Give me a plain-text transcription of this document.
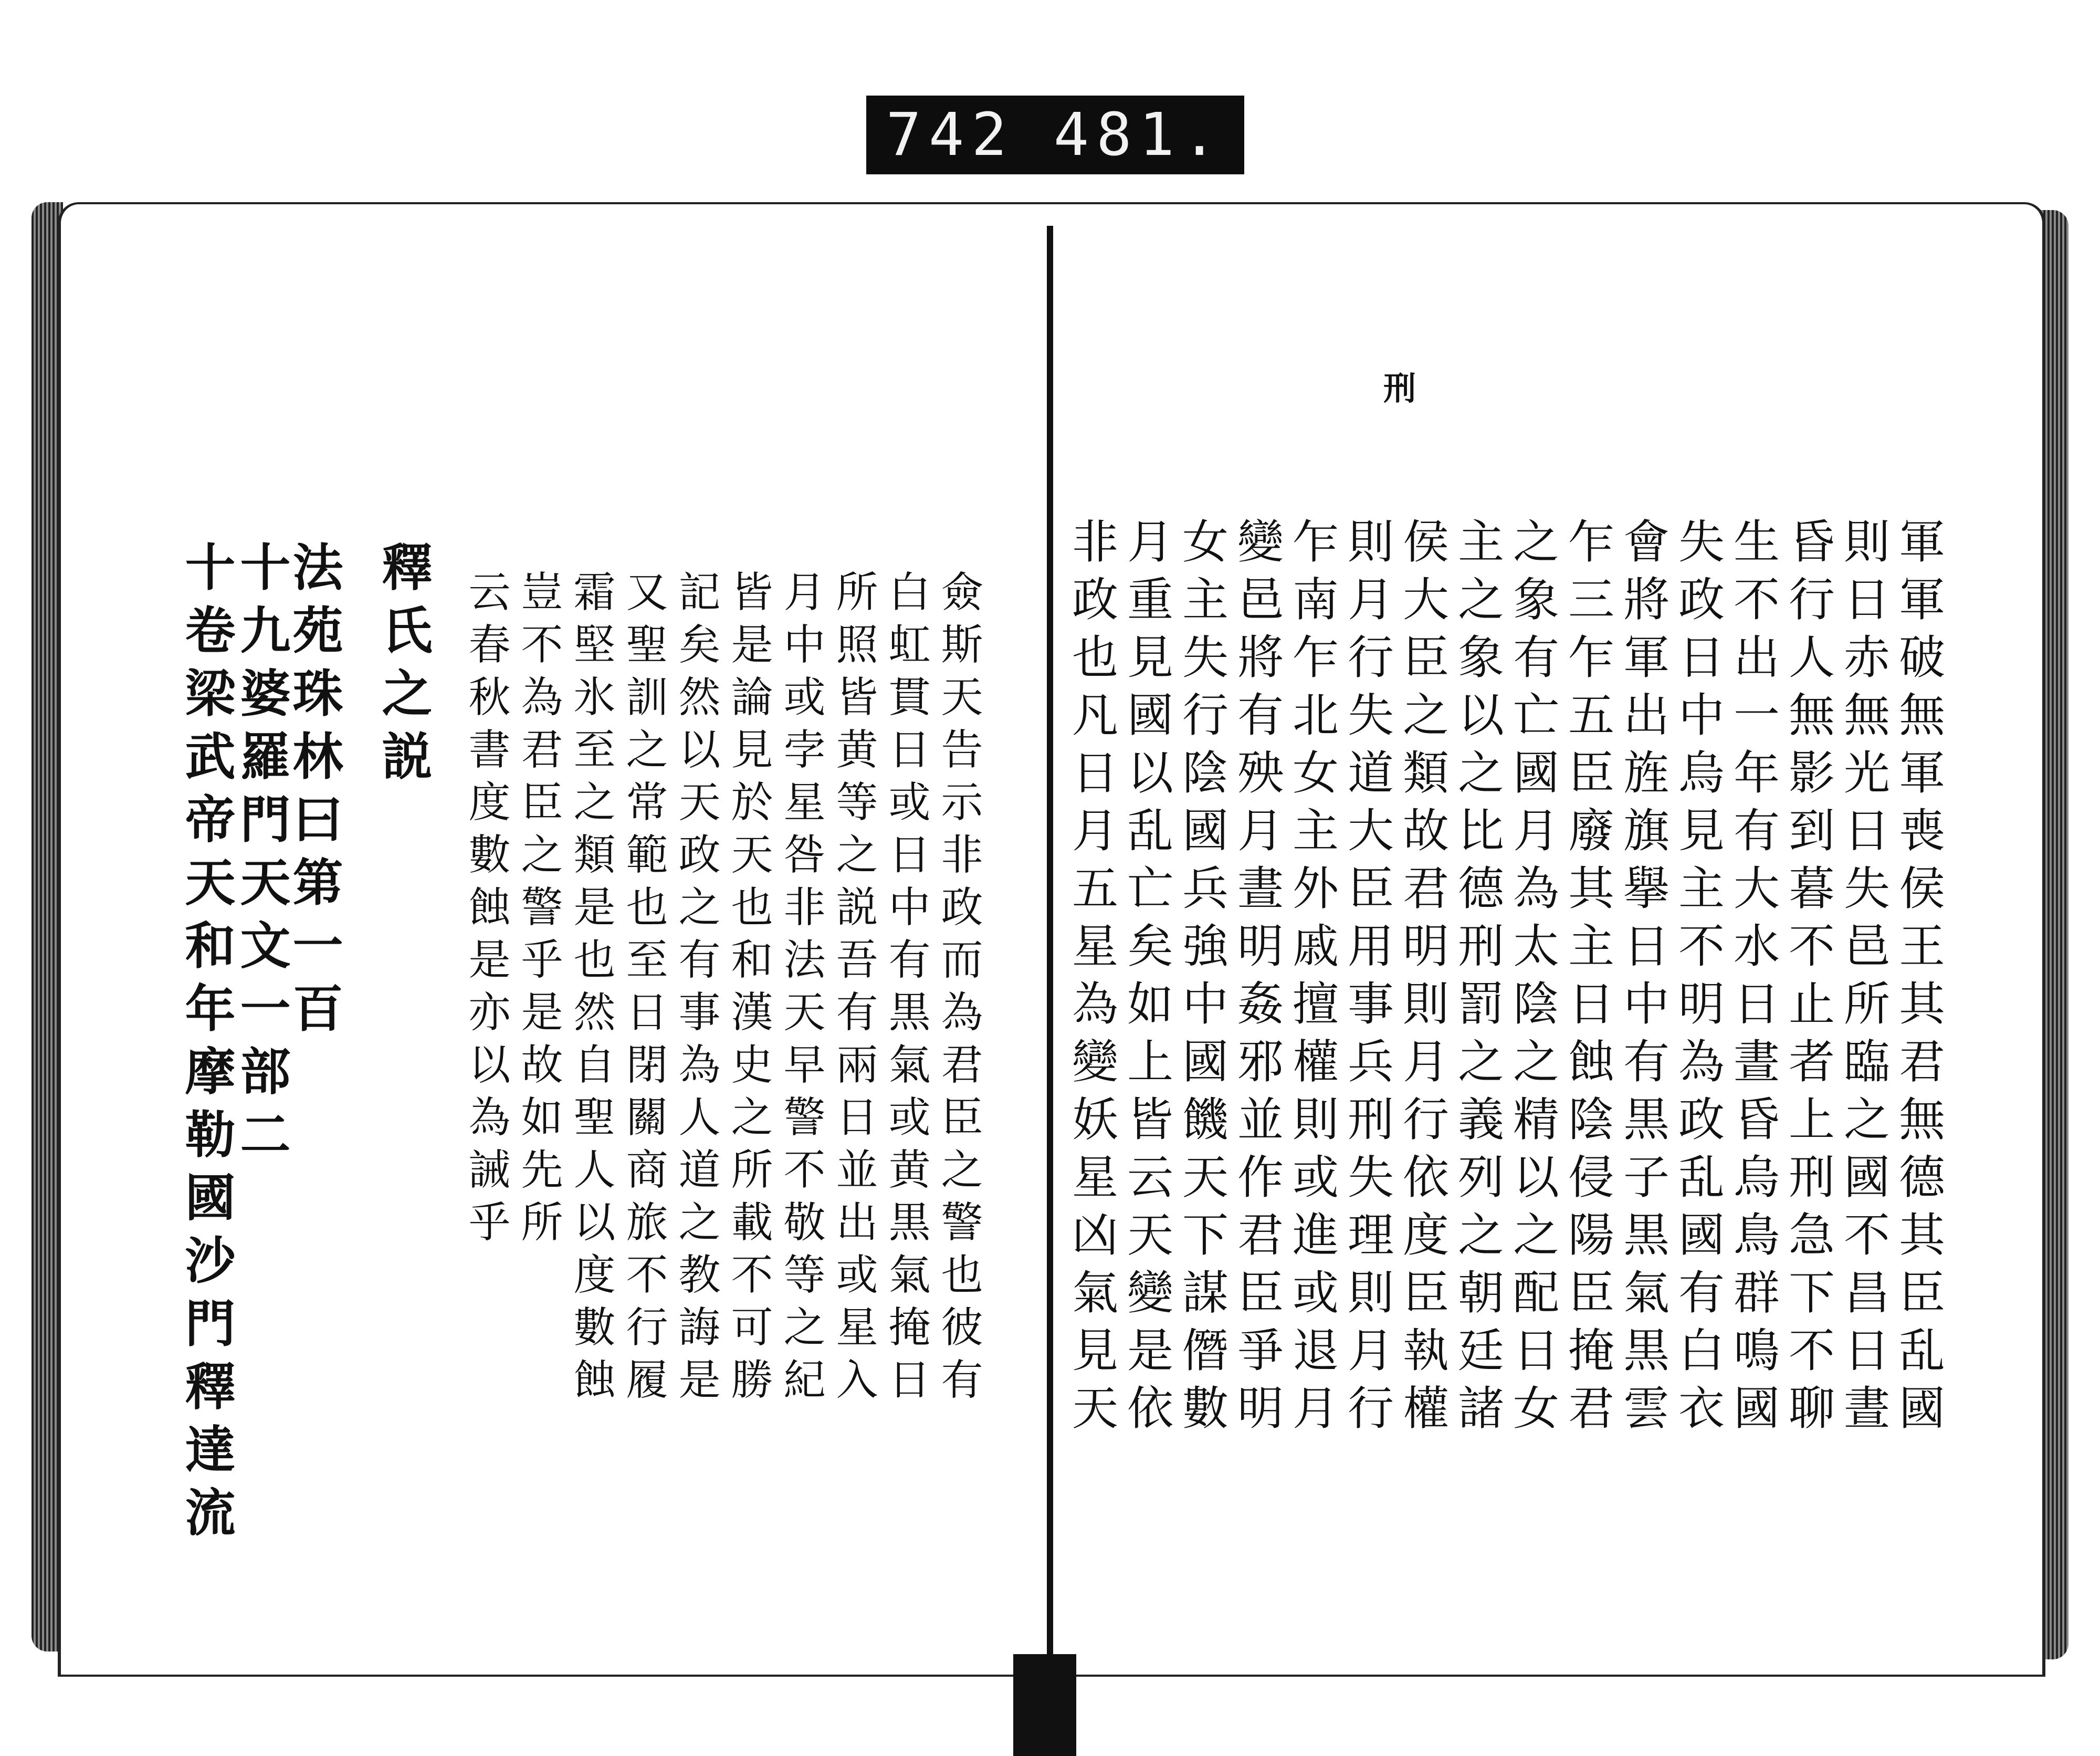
742 481.
刑
軍軍破無軍喪侯王其君無德其臣乱國
則日赤無光日失邑所臨之國不昌日晝
昏行人無影到暮不止者上刑急下不聊
生不出一年有大水日晝昏烏鳥群鳴國
失政日中烏見主不明為政乱國有白衣
會將軍出旌旗擧日中有黒子黒氣黒雲
乍三乍五臣廢其主日蝕陰侵陽臣掩君
之象有亡國月為太陰之精以之配日女
主之象以之比德刑罰之義列之朝廷諸
侯大臣之類故君明則月行依度臣執權
則月行失道大臣用事兵刑失理則月行
乍南乍北女主外戚擅權則或進或退月
變邑將有殃月晝明姦邪並作君臣爭明
女主失行陰國兵強中國饑天下謀僭數
月重見國以乱亡矣如上皆云天變是依
非政也凡日月五星為變妖星凶氣見天
僉斯天告示非政而為君臣之警也彼有
白虹貫日或日中有黒氣或黄黒氣掩日
所照皆黄等之説吾有兩日並出或星入
月中或孛星咎非法天早警不敬等之紀
皆是論見於天也和漢史之所載不可勝
記矣然以天政之有事為人道之教誨是
又聖訓之常範也至日閉關商旅不行履
霜堅氷至之類是也然自聖人以度數蝕
豈不為君臣之警乎是故如先所
云春秋書度數蝕是亦以為誡乎
釋氏之説
法苑珠林曰第一百
十九婆羅門天文一部二
十卷梁武帝天和年摩勒國沙門釋達流
